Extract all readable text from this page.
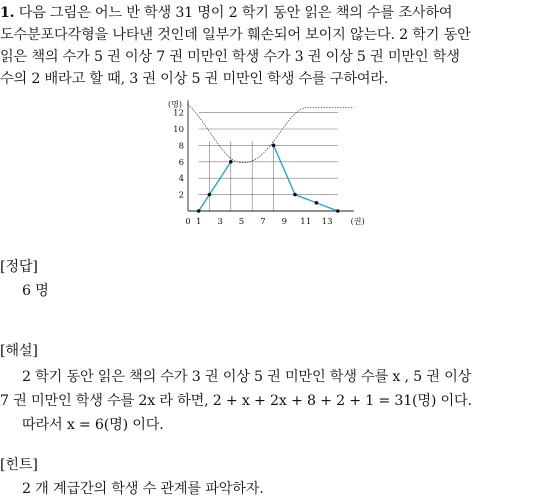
1. 다음 그림은 어느 반 학생 31 명이 2 학기 동안 읽은 책의 수를 조사하여
도수분포다각형을 나타낸 것인데 일부가 훼손되어 보이지 않는다. 2 학기 동안
읽은 책의 수가 5 권 이상 7 권 미만인 학생 수가 3 권 이상 5 권 미만인 학생
수의 2 배라고 할 때, 3 권 이상 5 권 미만인 학생 수를 구하여라.
0 1 3 5 7 9 11 13
2
4
6
8
10
12
(명)
(권)
[정답]
6 명
[해설]
2 학기 동안 읽은 책의 수가 3 권 이상 5 권 미만인 학생 수를 x , 5 권 이상
7 권 미만인 학생 수를 2x 라 하면, 2 + x + 2x + 8 + 2 + 1 = 31(명) 이다.
따라서 x = 6(명) 이다.
[힌트]
2 개 계급간의 학생 수 관계를 파악하자.
